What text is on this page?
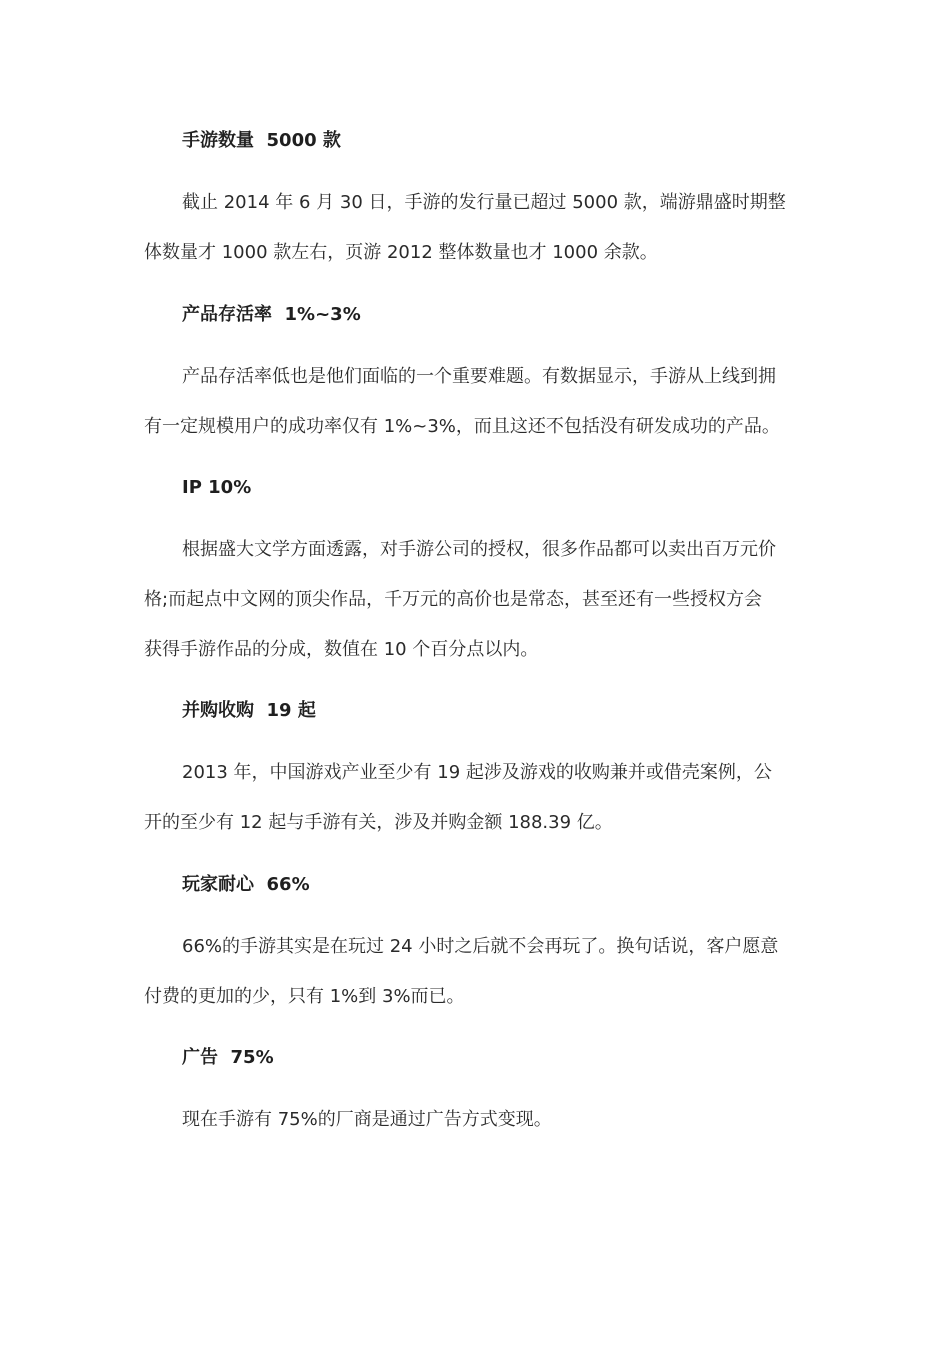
手游数量  5000 款
截止 2014 年 6 月 30 日，手游的发行量已超过 5000 款，端游鼎盛时期整
体数量才 1000 款左右，页游 2012 整体数量也才 1000 余款。
产品存活率  1%~3%
产品存活率低也是他们面临的一个重要难题。有数据显示，手游从上线到拥
有一定规模用户的成功率仅有 1%~3%，而且这还不包括没有研发成功的产品。
IP 10%
根据盛大文学方面透露，对手游公司的授权，很多作品都可以卖出百万元价
格;而起点中文网的顶尖作品，千万元的高价也是常态，甚至还有一些授权方会
获得手游作品的分成，数值在 10 个百分点以内。
并购收购  19 起
2013 年，中国游戏产业至少有 19 起涉及游戏的收购兼并或借壳案例，公
开的至少有 12 起与手游有关，涉及并购金额 188.39 亿。
玩家耐心  66%
66%的手游其实是在玩过 24 小时之后就不会再玩了。换句话说，客户愿意
付费的更加的少，只有 1%到 3%而已。
广告  75%
现在手游有 75%的厂商是通过广告方式变现。
